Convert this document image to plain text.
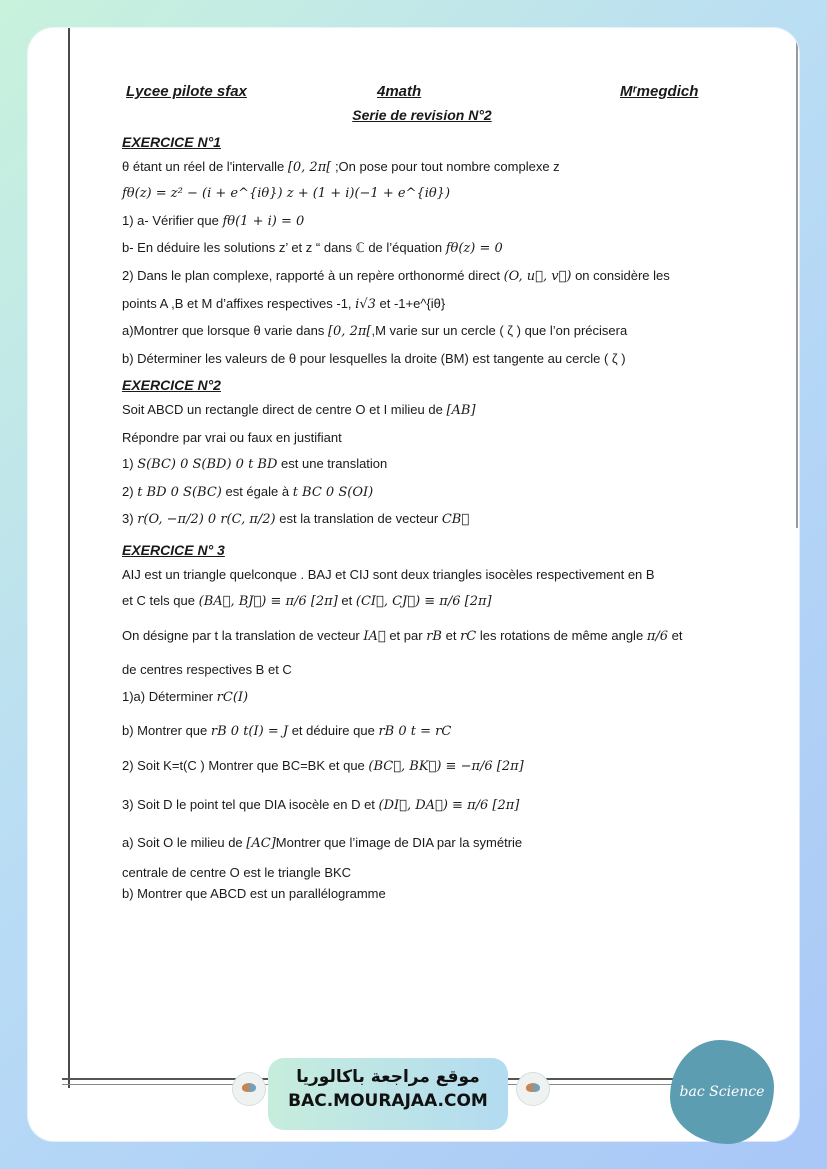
Lycee pilote sfax	4math	Mʳmegdich
Serie de revision N°2
EXERCICE N°1
θ étant un réel de l'intervalle [0, 2π[ ;On pose pour tout nombre complexe z
fθ(z) = z² − (i + e^{iθ}) z + (1 + i)(−1 + e^{iθ})
1) a- Vérifier que fθ(1 + i) = 0
b- En déduire les solutions z’ et z “ dans ℂ de l’équation fθ(z) = 0
2) Dans le plan complexe, rapporté à un repère orthonormé direct (O, u⃗, v⃗) on considère les
points A ,B et M d’affixes respectives -1, i√3 et -1+e^{iθ}
a)Montrer que lorsque θ varie dans [0, 2π[,M varie sur un cercle ( ζ ) que l’on précisera
b) Déterminer les valeurs de θ pour lesquelles la droite (BM) est tangente au cercle ( ζ )
EXERCICE N°2
Soit ABCD un rectangle direct de centre O et I milieu de [AB]
Répondre par vrai ou faux en justifiant
1) S(BC) 0 S(BD) 0 t BD est une translation
2) t BD 0 S(BC) est égale à t BC 0 S(OI)
3) r(O, −π/2) 0 r(C, π/2) est la translation de vecteur CB⃗
EXERCICE N° 3
AIJ est un triangle quelconque . BAJ et CIJ sont deux triangles isocèles respectivement en B
et C tels que (BA⃗, BJ⃗) ≡ π/6 [2π] et (CI⃗, CJ⃗) ≡ π/6 [2π]
On désigne par t la translation de vecteur IA⃗ et par rB et rC les rotations de même angle π/6 et
de centres respectives B et C
1)a) Déterminer rC(I)
b) Montrer que rB 0 t(I) = J et déduire que rB 0 t = rC
2) Soit K=t(C ) Montrer que BC=BK et que (BC⃗, BK⃗) ≡ −π/6 [2π]
3) Soit D le point tel que DIA isocèle en D et (DI⃗, DA⃗) ≡ π/6 [2π]
a) Soit O le milieu de [AC]Montrer que l’image de DIA par la symétrie
centrale de centre O est le triangle BKC
b) Montrer que ABCD est un parallélogramme
موقع مراجعة باكالوريا
BAC.MOURAJAA.COM	bac Science
